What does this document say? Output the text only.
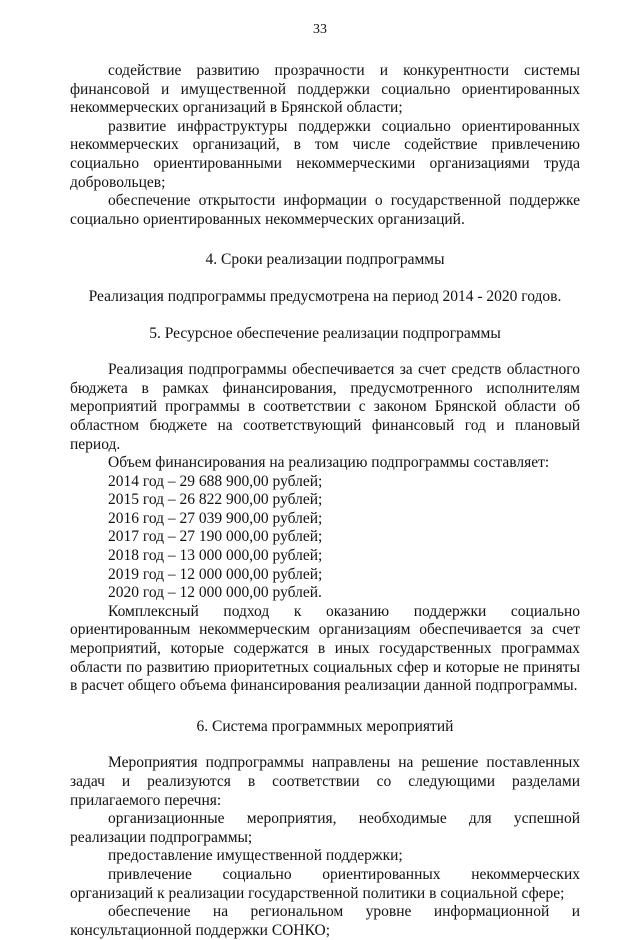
33

содействие развитию прозрачности и конкурентности системы финансовой и имущественной поддержки социально ориентированных некоммерческих организаций в Брянской области;

развитие инфраструктуры поддержки социально ориентированных некоммерческих организаций, в том числе содействие привлечению социально ориентированными некоммерческими организациями труда добровольцев;

обеспечение открытости информации о государственной поддержке социально ориентированных некоммерческих организаций.

4. Сроки реализации подпрограммы

Реализация подпрограммы предусмотрена на период 2014 - 2020 годов.

5. Ресурсное обеспечение реализации подпрограммы

Реализация подпрограммы обеспечивается за счет средств областного бюджета в рамках финансирования, предусмотренного исполнителям мероприятий программы в соответствии с законом Брянской области об областном бюджете на соответствующий финансовый год и плановый период.

Объем финансирования на реализацию подпрограммы составляет:

2014 год – 29 688 900,00 рублей;

2015 год – 26 822 900,00 рублей;

2016 год – 27 039 900,00 рублей;

2017 год – 27 190 000,00 рублей;

2018 год – 13 000 000,00 рублей;

2019 год – 12 000 000,00 рублей;

2020 год – 12 000 000,00 рублей.

Комплексный подход к оказанию поддержки социально ориентированным некоммерческим организациям обеспечивается за счет мероприятий, которые содержатся в иных государственных программах области по развитию приоритетных социальных сфер и которые не приняты в расчет общего объема финансирования реализации данной подпрограммы.

6. Система программных мероприятий

Мероприятия подпрограммы направлены на решение поставленных задач и реализуются в соответствии со следующими разделами прилагаемого перечня:

организационные мероприятия, необходимые для успешной реализации подпрограммы;

предоставление имущественной поддержки;

привлечение социально ориентированных некоммерческих организаций к реализации государственной политики в социальной сфере;

обеспечение на региональном уровне информационной и консультационной поддержки СОНКО;
